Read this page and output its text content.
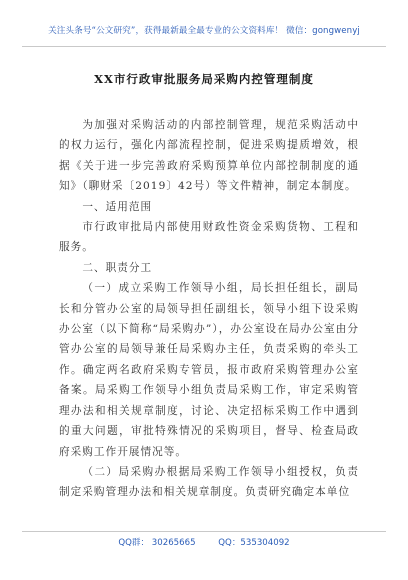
关注头条号“公文研究”，获得最新最全最专业的公文资料库！ 微信：gongwenyj
XX市行政审批服务局采购内控管理制度

为加强对采购活动的内部控制管理，规范采购活动中的权力运行，强化内部流程控制，促进采购提质增效，根据《关于进一步完善政府采购预算单位内部控制制度的通知》（聊财采〔2019〕42号）等文件精神，制定本制度。

一、适用范围

市行政审批局内部使用财政性资金采购货物、工程和服务。

二、职责分工

（一）成立采购工作领导小组，局长担任组长，副局长和分管办公室的局领导担任副组长，领导小组下设采购办公室（以下简称“局采购办”），办公室设在局办公室由分管办公室的局领导兼任局采购办主任，负责采购的牵头工作。确定两名政府采购专管员，报市政府采购管理办公室备案。局采购工作领导小组负责局采购工作，审定采购管理办法和相关规章制度，讨论、决定招标采购工作中遇到的重大问题，审批特殊情况的采购项目，督导、检查局政府采购工作开展情况等。

（二）局采购办根据局采购工作领导小组授权，负责制定采购管理办法和相关规章制度。负责研究确定本单位

QQ群： 30265665	QQ：535304092
